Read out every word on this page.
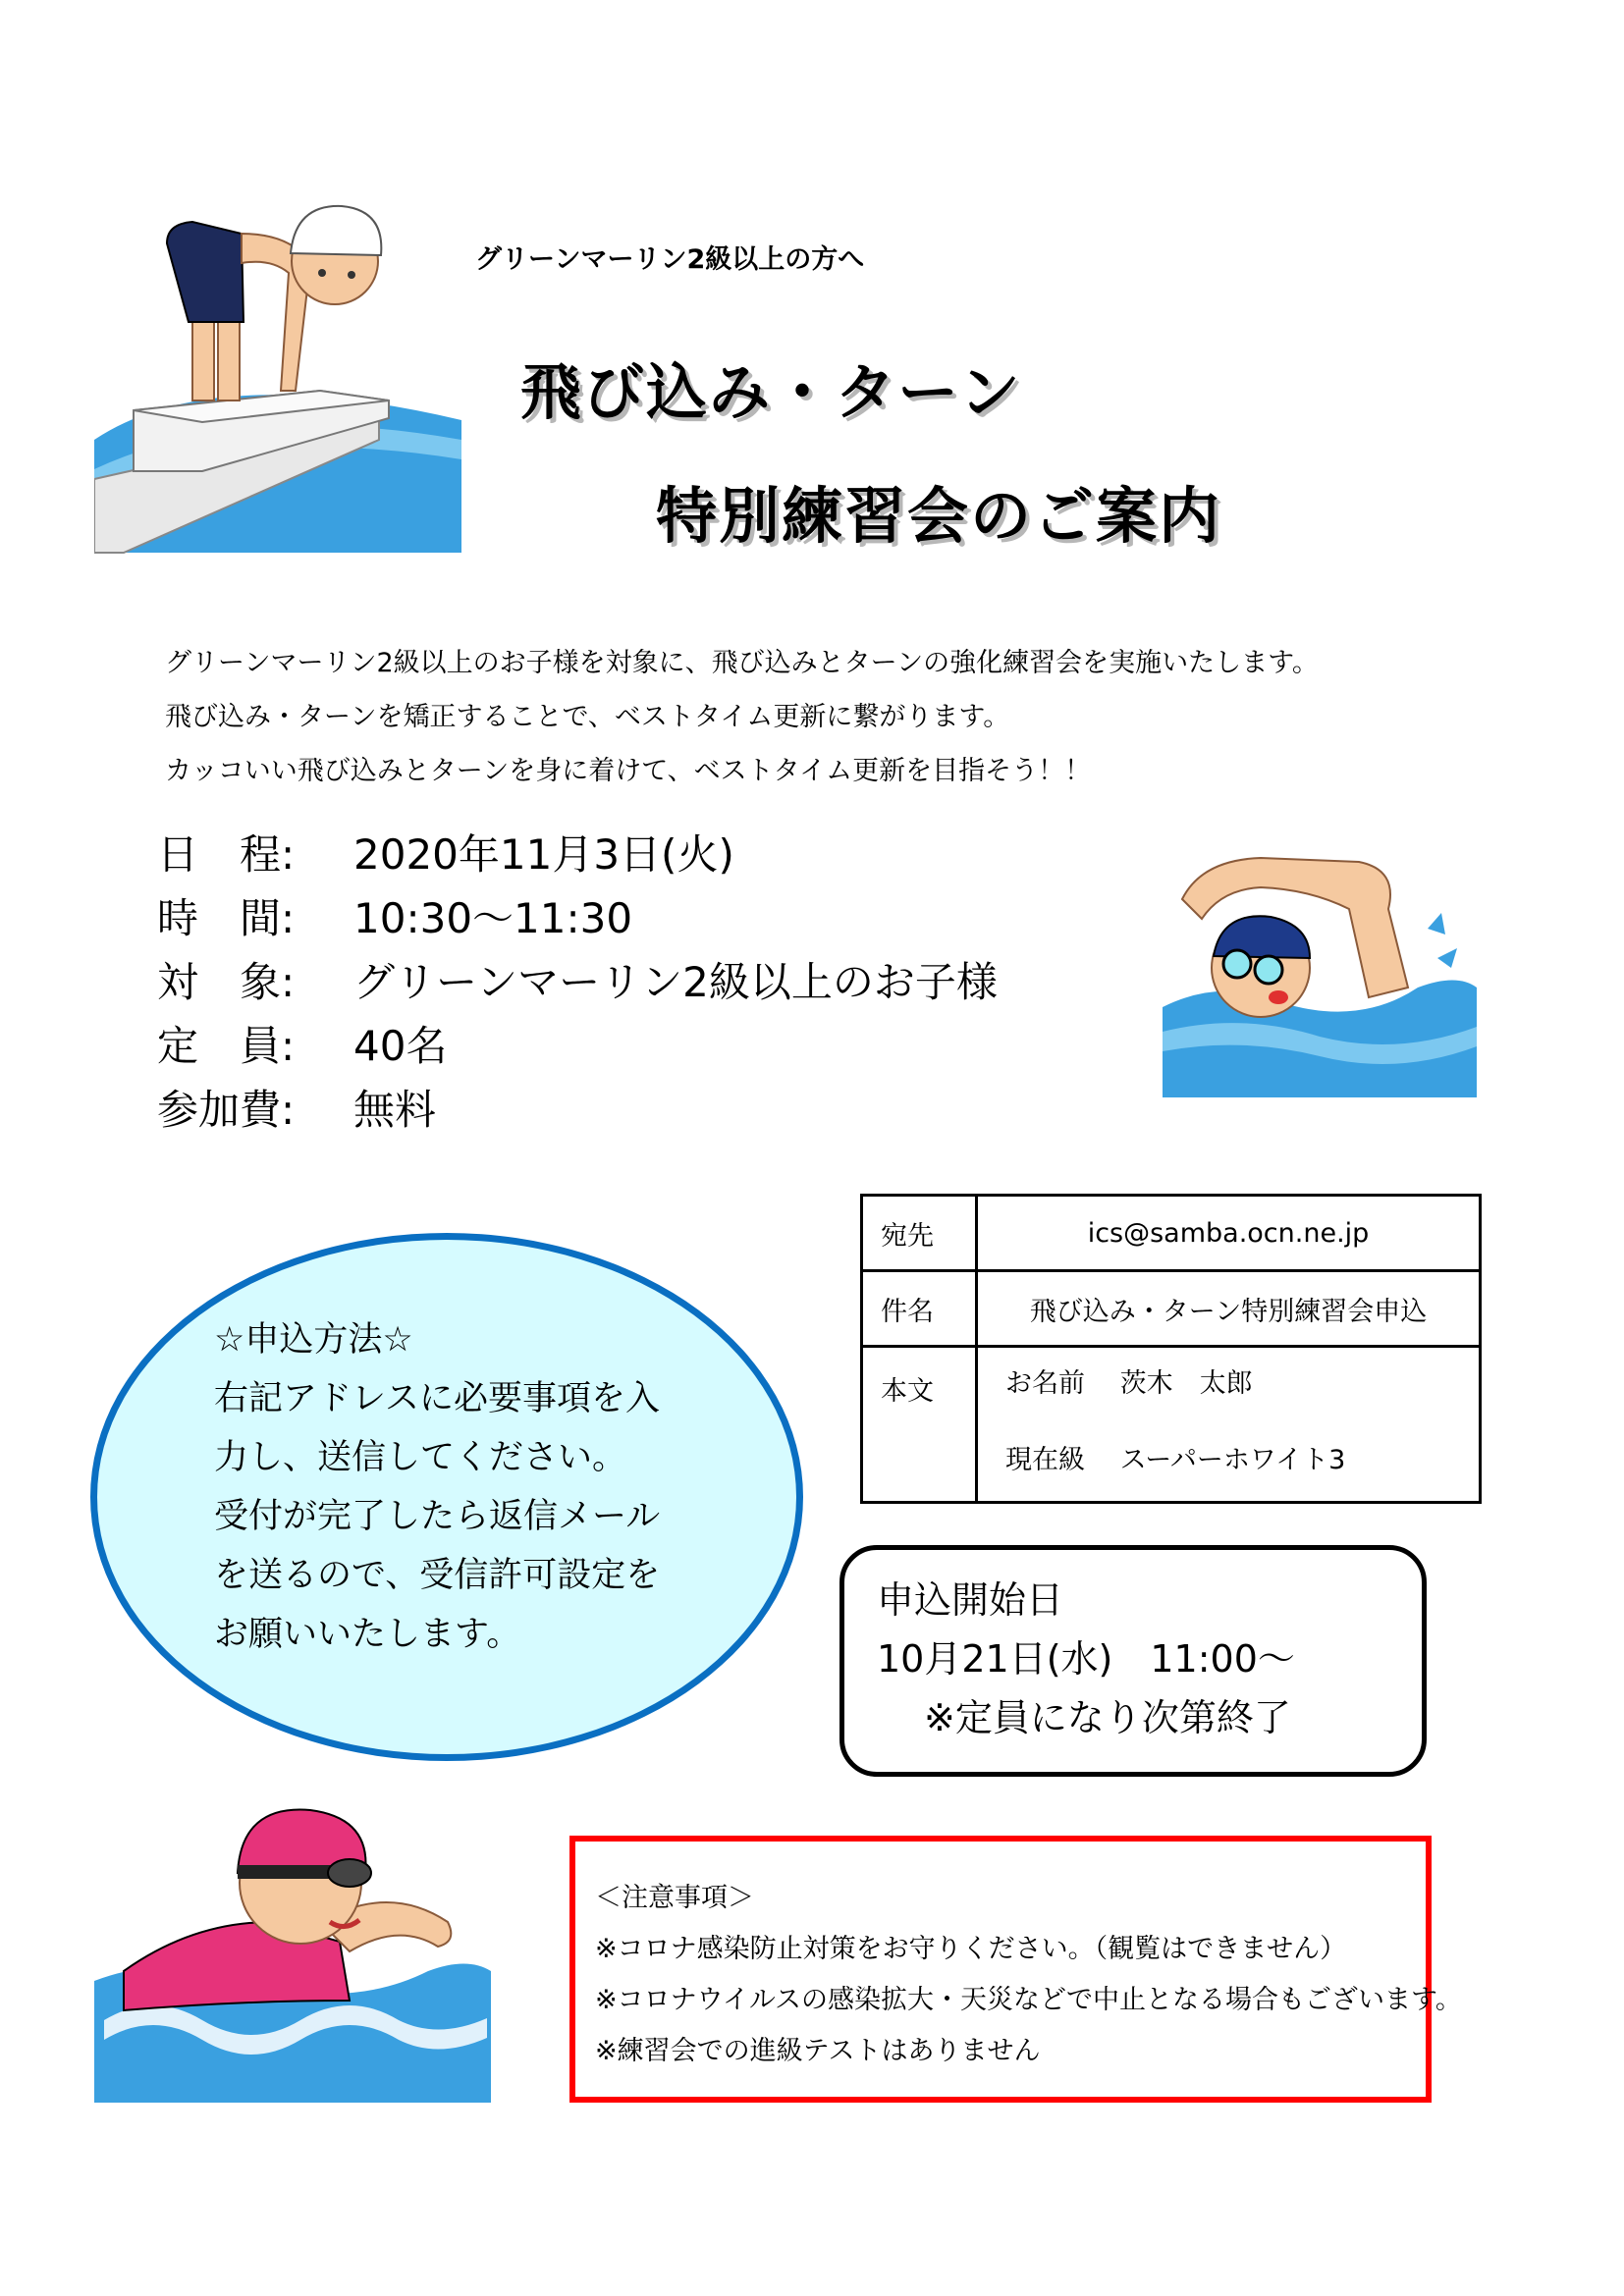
グリーンマーリン2級以上の方へ
飛び込み・ターン
特別練習会のご案内
グリーンマーリン2級以上のお子様を対象に、飛び込みとターンの強化練習会を実施いたします。
飛び込み・ターンを矯正することで、ベストタイム更新に繋がります。
カッコいい飛び込みとターンを身に着けて、ベストタイム更新を目指そう！！
日　程: 2020年11月3日(火)
時　間: 10:30〜11:30
対　象: グリーンマーリン2級以上のお子様
定　員: 40名
参加費: 無料
宛先	ics@samba.ocn.ne.jp
件名	飛び込み・ターン特別練習会申込
本文	お名前　 茨木　太郎
現在級　 スーパーホワイト3
☆申込方法☆
右記アドレスに必要事項を入
力し、送信してください。
受付が完了したら返信メール
を送るので、受信許可設定を
お願いいたします。
申込開始日
10月21日(水)　11:00〜
※定員になり次第終了
＜注意事項＞
※コロナ感染防止対策をお守りください。（観覧はできません）
※コロナウイルスの感染拡大・天災などで中止となる場合もございます。
※練習会での進級テストはありません
